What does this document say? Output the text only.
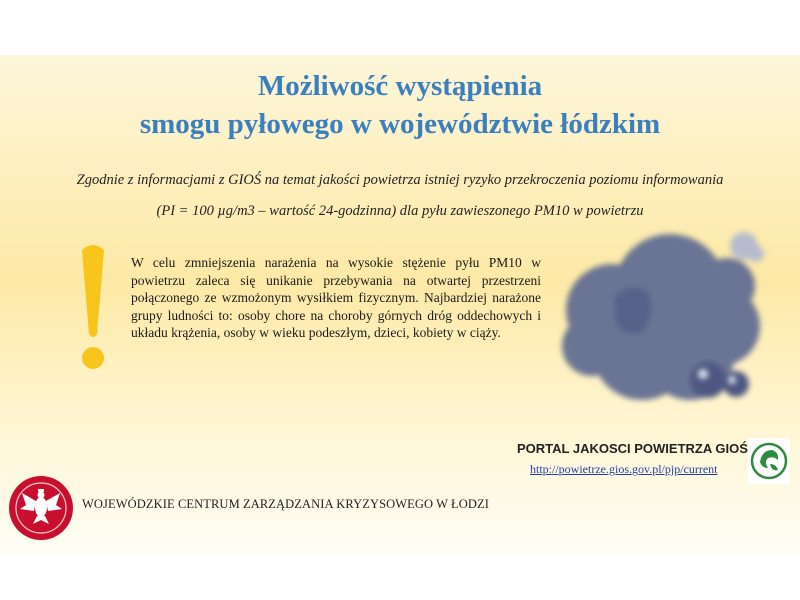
Możliwość wystąpienia
smogu pyłowego w województwie łódzkim
Zgodnie z informacjami z GIOŚ na temat jakości powietrza istniej ryzyko przekroczenia poziomu informowania
(PI = 100 µg/m3 – wartość 24-godzinna) dla pyłu zawieszonego PM10 w powietrzu
W celu zmniejszenia narażenia na wysokie stężenie pyłu PM10 w powietrzu zaleca się unikanie przebywania na otwartej przestrzeni połączonego ze wzmożonym wysiłkiem fizycznym. Najbardziej narażone grupy ludności to: osoby chore na choroby górnych dróg oddechowych i układu krążenia, osoby w wieku podeszłym, dzieci, kobiety w ciąży.
PORTAL JAKOSCI POWIETRZA GIOŚ
http://powietrze.gios.gov.pl/pjp/current
WOJEWÓDZKIE CENTRUM ZARZĄDZANIA KRYZYSOWEGO W ŁODZI
